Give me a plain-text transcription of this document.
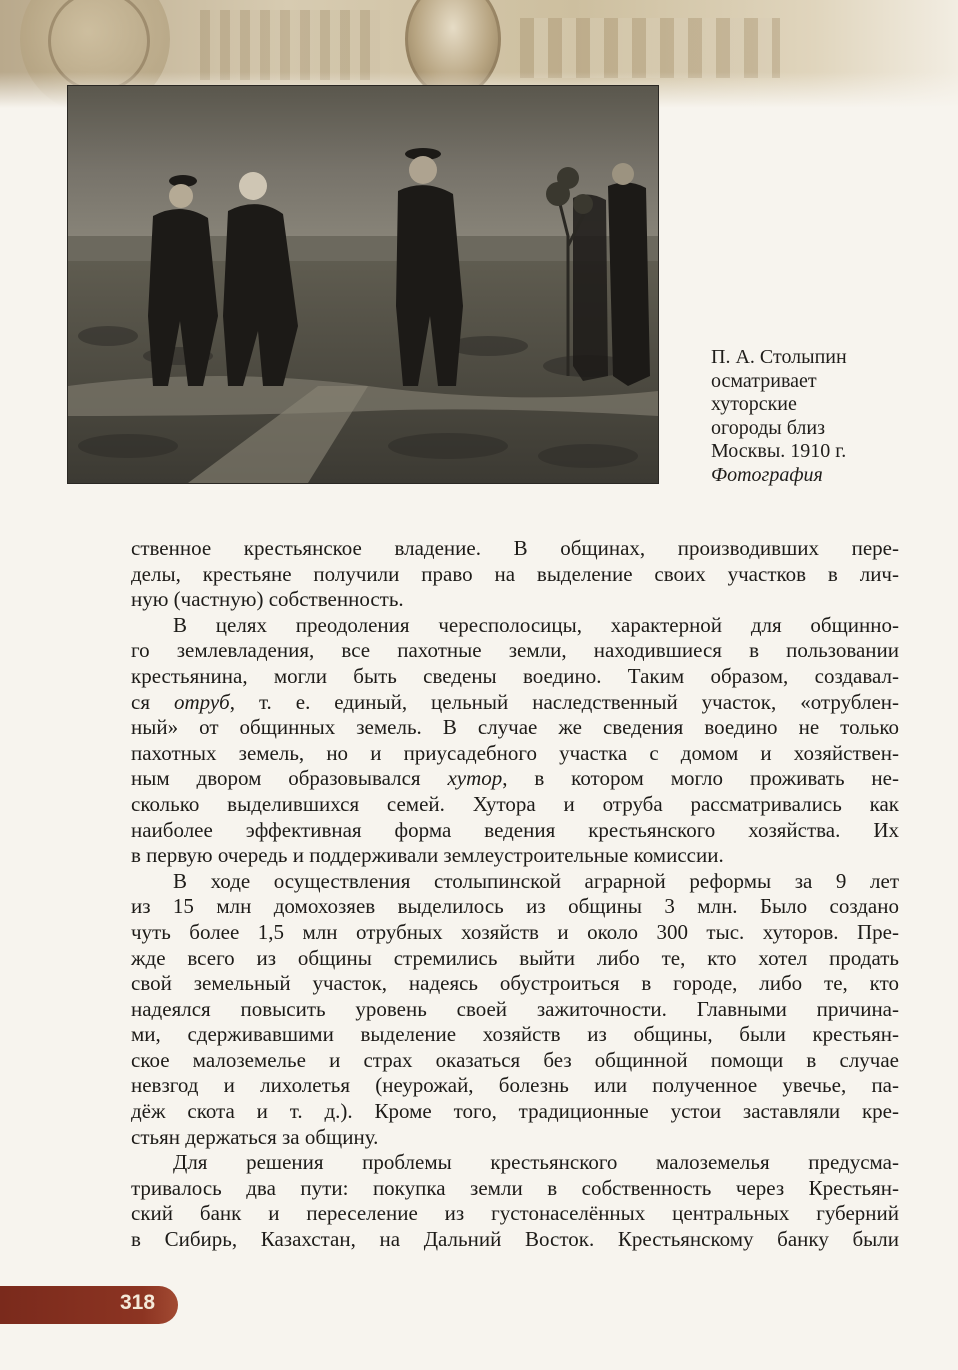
П. А. Столыпин
осматривает
хуторские
огороды близ
Москвы. 1910 г.
Фотография
ственное крестьянское владение. В общинах, производивших пере-
делы, крестьяне получили право на выделение своих участков в лич-
ную (частную) собственность.
В целях преодоления чересполосицы, характерной для общинно-
го землевладения, все пахотные земли, находившиеся в пользовании
крестьянина, могли быть сведены воедино. Таким образом, создавал-
ся отруб, т. е. единый, цельный наследственный участок, «отрублен-
ный» от общинных земель. В случае же сведения воедино не только
пахотных земель, но и приусадебного участка с домом и хозяйствен-
ным двором образовывался хутор, в котором могло проживать не-
сколько выделившихся семей. Хутора и отруба рассматривались как
наиболее эффективная форма ведения крестьянского хозяйства. Их
в первую очередь и поддерживали землеустроительные комиссии.
В ходе осуществления столыпинской аграрной реформы за 9 лет
из 15 млн домохозяев выделилось из общины 3 млн. Было создано
чуть более 1,5 млн отрубных хозяйств и около 300 тыс. хуторов. Пре-
жде всего из общины стремились выйти либо те, кто хотел продать
свой земельный участок, надеясь обустроиться в городе, либо те, кто
надеялся повысить уровень своей зажиточности. Главными причина-
ми, сдерживавшими выделение хозяйств из общины, были крестьян-
ское малоземелье и страх оказаться без общинной помощи в случае
невзгод и лихолетья (неурожай, болезнь или полученное увечье, па-
дёж скота и т. д.). Кроме того, традиционные устои заставляли кре-
стьян держаться за общину.
Для решения проблемы крестьянского малоземелья предусма-
тривалось два пути: покупка земли в собственность через Крестьян-
ский банк и переселение из густонаселённых центральных губерний
в Сибирь, Казахстан, на Дальний Восток. Крестьянскому банку были
318
